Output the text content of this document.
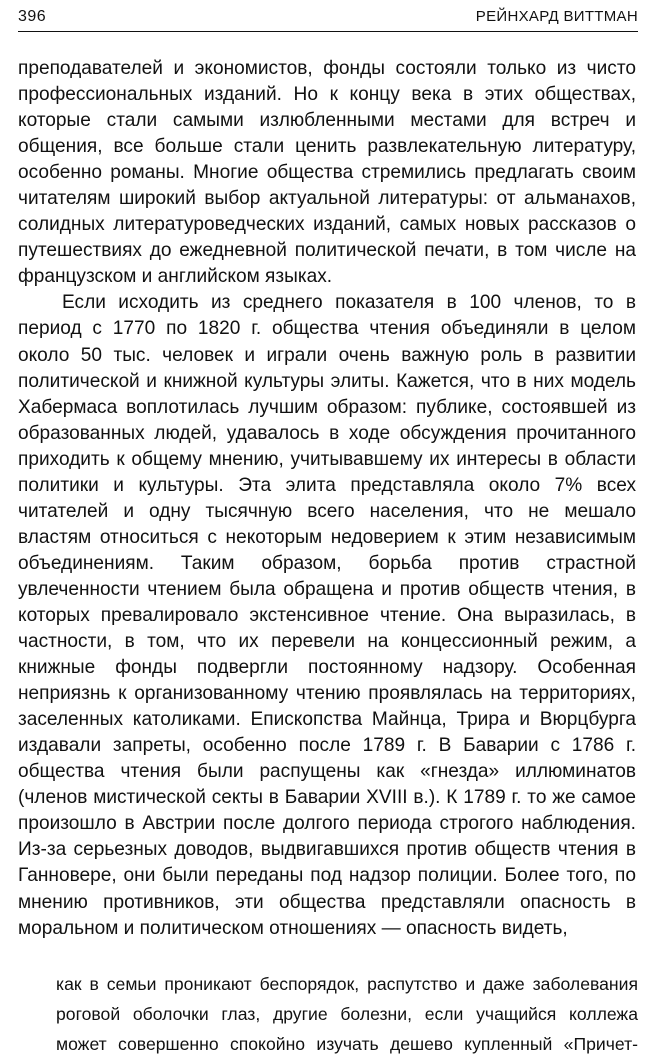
396	РЕЙНХАРД ВИТТМАН

преподавателей и экономистов, фонды состояли только из чисто профессиональных изданий. Но к концу века в этих обществах, которые стали самыми излюбленными местами для встреч и общения, все больше стали ценить развлекательную литературу, особенно романы. Многие общества стремились предлагать своим читателям широкий выбор актуальной литературы: от альманахов, солидных литературоведческих изданий, самых новых рассказов о путешествиях до ежедневной политической печати, в том числе на французском и английском языках.

Если исходить из среднего показателя в 100 членов, то в период с 1770 по 1820 г. общества чтения объединяли в целом около 50 тыс. человек и играли очень важную роль в развитии политической и книжной культуры элиты. Кажется, что в них модель Хабермаса воплотилась лучшим образом: публике, состоявшей из образованных людей, удавалось в ходе обсуждения прочитанного приходить к общему мнению, учитывавшему их интересы в области политики и культуры. Эта элита представляла около 7% всех читателей и одну тысячную всего населения, что не мешало властям относиться с некоторым недоверием к этим независимым объединениям. Таким образом, борьба против страстной увлеченности чтением была обращена и против обществ чтения, в которых превалировало экстенсивное чтение. Она выразилась, в частности, в том, что их перевели на концессионный режим, а книжные фонды подвергли постоянному надзору. Особенная неприязнь к организованному чтению проявлялась на территориях, заселенных католиками. Епископства Майнца, Трира и Вюрцбурга издавали запреты, особенно после 1789 г. В Баварии с 1786 г. общества чтения были распущены как «гнезда» иллюминатов (членов мистической секты в Баварии XVIII в.). К 1789 г. то же самое произошло в Австрии после долгого периода строгого наблюдения. Из-за серьезных доводов, выдвигавшихся против обществ чтения в Ганновере, они были переданы под надзор полиции. Более того, по мнению противников, эти общества представляли опасность в моральном и политическом отношениях — опасность видеть,

как в семьи проникают беспорядок, распутство и даже заболевания роговой оболочки глаз, другие болезни, если учащийся коллежа может совершенно спокойно изучать дешево купленный «Причет-
